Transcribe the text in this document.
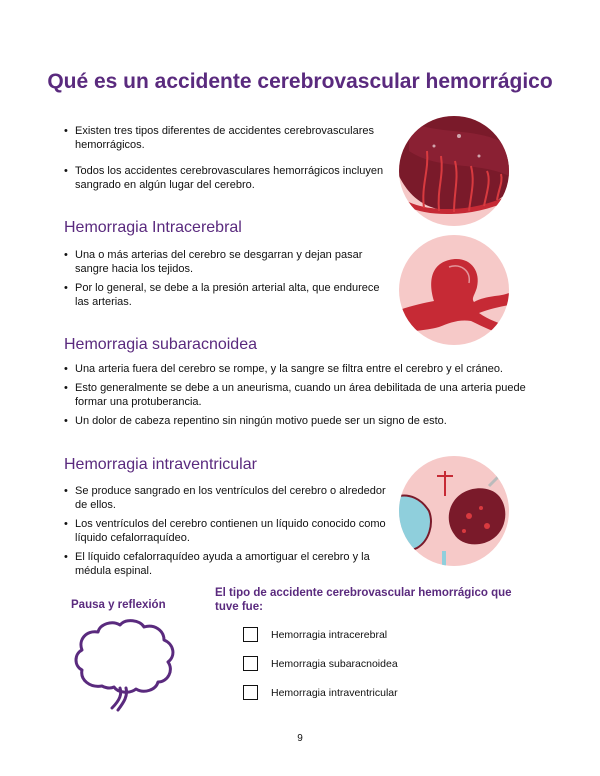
Qué es un accidente cerebrovascular hemorrágico
• Existen tres tipos diferentes de accidentes cerebrovasculares hemorrágicos.
• Todos los accidentes cerebrovasculares hemorrágicos incluyen sangrado en algún lugar del cerebro.
Hemorragia Intracerebral
• Una o más arterias del cerebro se desgarran y dejan pasar sangre hacia los tejidos.
• Por lo general, se debe a la presión arterial alta, que endurece las arterias.
Hemorragia subaracnoidea
• Una arteria fuera del cerebro se rompe, y la sangre se filtra entre el cerebro y el cráneo.
• Esto generalmente se debe a un aneurisma, cuando un área debilitada de una arteria puede formar una protuberancia.
• Un dolor de cabeza repentino sin ningún motivo puede ser un signo de esto.
Hemorragia intraventricular
• Se produce sangrado en los ventrículos del cerebro o alrededor de ellos.
• Los ventrículos del cerebro contienen un líquido conocido como líquido cefalorraquídeo.
• El líquido cefalorraquídeo ayuda a amortiguar el cerebro y la médula espinal.
Pausa y reflexión
El tipo de accidente cerebrovascular hemorrágico que tuve fue:
Hemorragia intracerebral
Hemorragia subaracnoidea
Hemorragia intraventricular
9
